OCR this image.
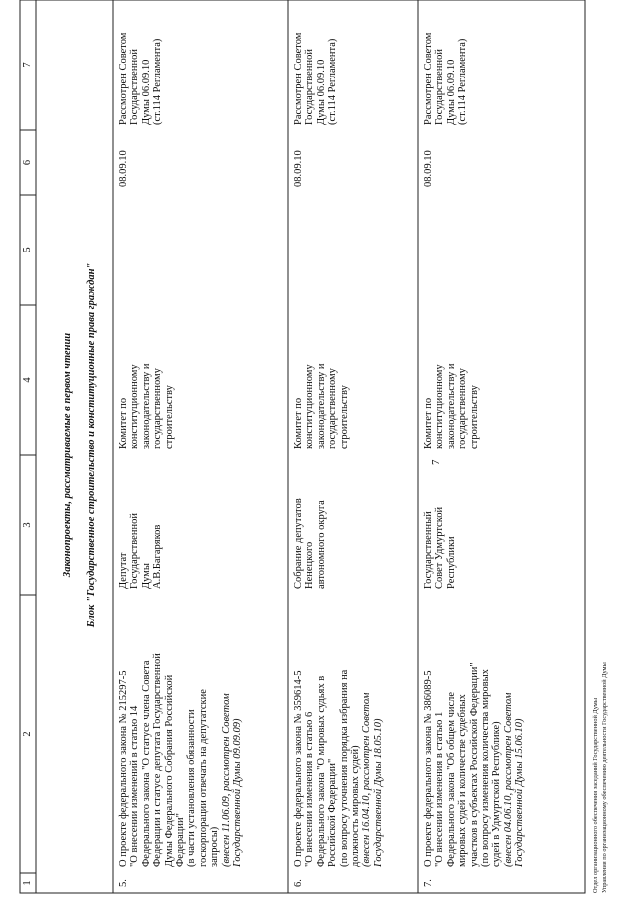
1
2
3
4
5
6
7
7
Законопроекты, рассматриваемые в первом чтении Блок "Государственное строительство и конституционные права граждан"
5.
О проекте федерального закона № 215297-5 "О внесении изменений в статью 14 Федерального закона "О статусе члена Совета Федерации и статусе депутата Государственной Думы Федерального Собрания Российской Федерации" (в части установления обязанности госкорпорации отвечать на депутатские запросы) (внесен 11.06.09, рассмотрен Советом Государственной Думы 09.09.09)
Депутат Государственной Думы А.В.Багаряков
Комитет по конституционному законодательству и государственному строительству
08.09.10
Рассмотрен Советом Государственной Думы 06.09.10 (ст.114 Регламента)
6.
О проекте федерального закона № 359614-5 "О внесении изменения в статью 6 Федерального закона "О мировых судьях в Российской Федерации" (по вопросу уточнения порядка избрания на должность мировых судей) (внесен 16.04.10, рассмотрен Советом Государственной Думы 18.05.10)
Собрание депутатов Ненецкого автономного округа
Комитет по конституционному законодательству и государственному строительству
08.09.10
Рассмотрен Советом Государственной Думы 06.09.10 (ст.114 Регламента)
7.
О проекте федерального закона № 386089-5 "О внесении изменения в статью 1 Федерального закона "Об общем числе мировых судей и количестве судебных участков в субъектах Российской Федерации" (по вопросу изменения количества мировых судей в Удмуртской Республике) (внесен 04.06.10, рассмотрен Советом Государственной Думы 15.06.10)
Государственный Совет Удмуртской Республики
Комитет по конституционному законодательству и государственному строительству
08.09.10
Рассмотрен Советом Государственной Думы 06.09.10 (ст.114 Регламента)
Отдел организационного обеспечения заседаний Государственной Думы Управления по организационному обеспечению деятельности Государственной Думы
